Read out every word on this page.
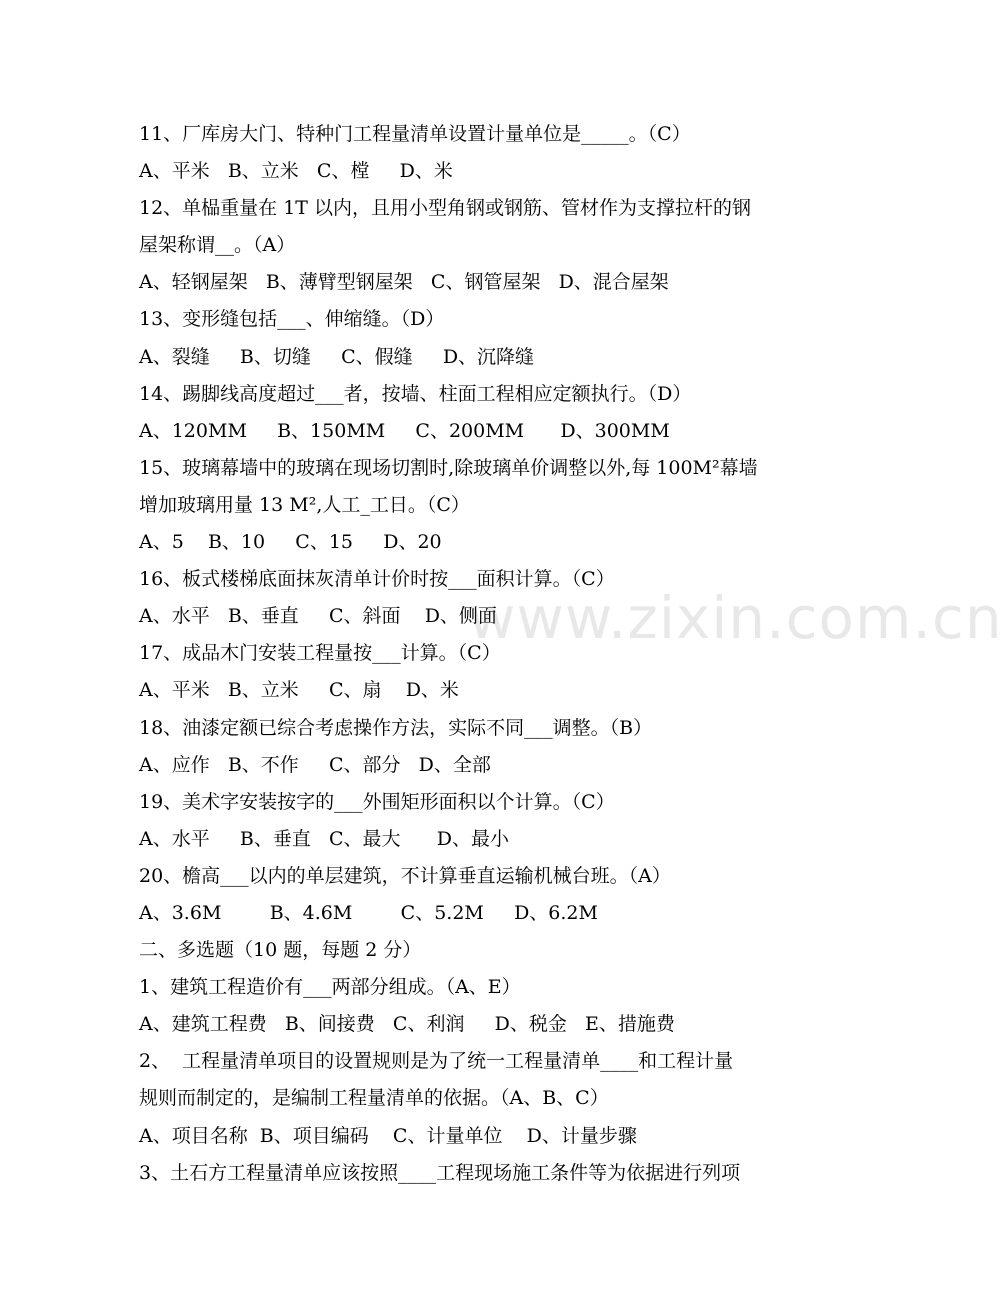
11、厂库房大门、特种门工程量清单设置计量单位是_____。（C）
A、平米   B、立米   C、樘     D、米
12、单榀重量在 1T 以内，且用小型角钢或钢筋、管材作为支撑拉杆的钢
屋架称谓__。（A）
A、轻钢屋架   B、薄臂型钢屋架   C、钢管屋架   D、混合屋架
13、变形缝包括___、伸缩缝。（D）
A、裂缝     B、切缝     C、假缝     D、沉降缝
14、踢脚线高度超过___者，按墙、柱面工程相应定额执行。（D）
A、120MM     B、150MM     C、200MM      D、300MM
15、玻璃幕墙中的玻璃在现场切割时,除玻璃单价调整以外,每 100M²幕墙
增加玻璃用量 13 M²,人工_工日。（C）
A、5    B、10     C、15     D、20
16、板式楼梯底面抹灰清单计价时按___面积计算。（C）
A、水平   B、垂直     C、斜面    D、侧面
17、成品木门安装工程量按___计算。（C）
A、平米   B、立米     C、扇    D、米
18、油漆定额已综合考虑操作方法，实际不同___调整。（B）
A、应作   B、不作     C、部分   D、全部
19、美术字安装按字的___外围矩形面积以个计算。（C）
A、水平     B、垂直   C、最大      D、最小
20、檐高___以内的单层建筑，不计算垂直运输机械台班。（A）
A、3.6M        B、4.6M        C、5.2M     D、6.2M
二、多选题（10 题，每题 2 分）
1、建筑工程造价有___两部分组成。（A、E）
A、建筑工程费   B、间接费   C、利润     D、税金   E、措施费
2、  工程量清单项目的设置规则是为了统一工程量清单____和工程计量
规则而制定的，是编制工程量清单的依据。（A、B、C）
A、项目名称  B、项目编码    C、计量单位    D、计量步骤
3、土石方工程量清单应该按照____工程现场施工条件等为依据进行列项
www.zixin.com.cn
